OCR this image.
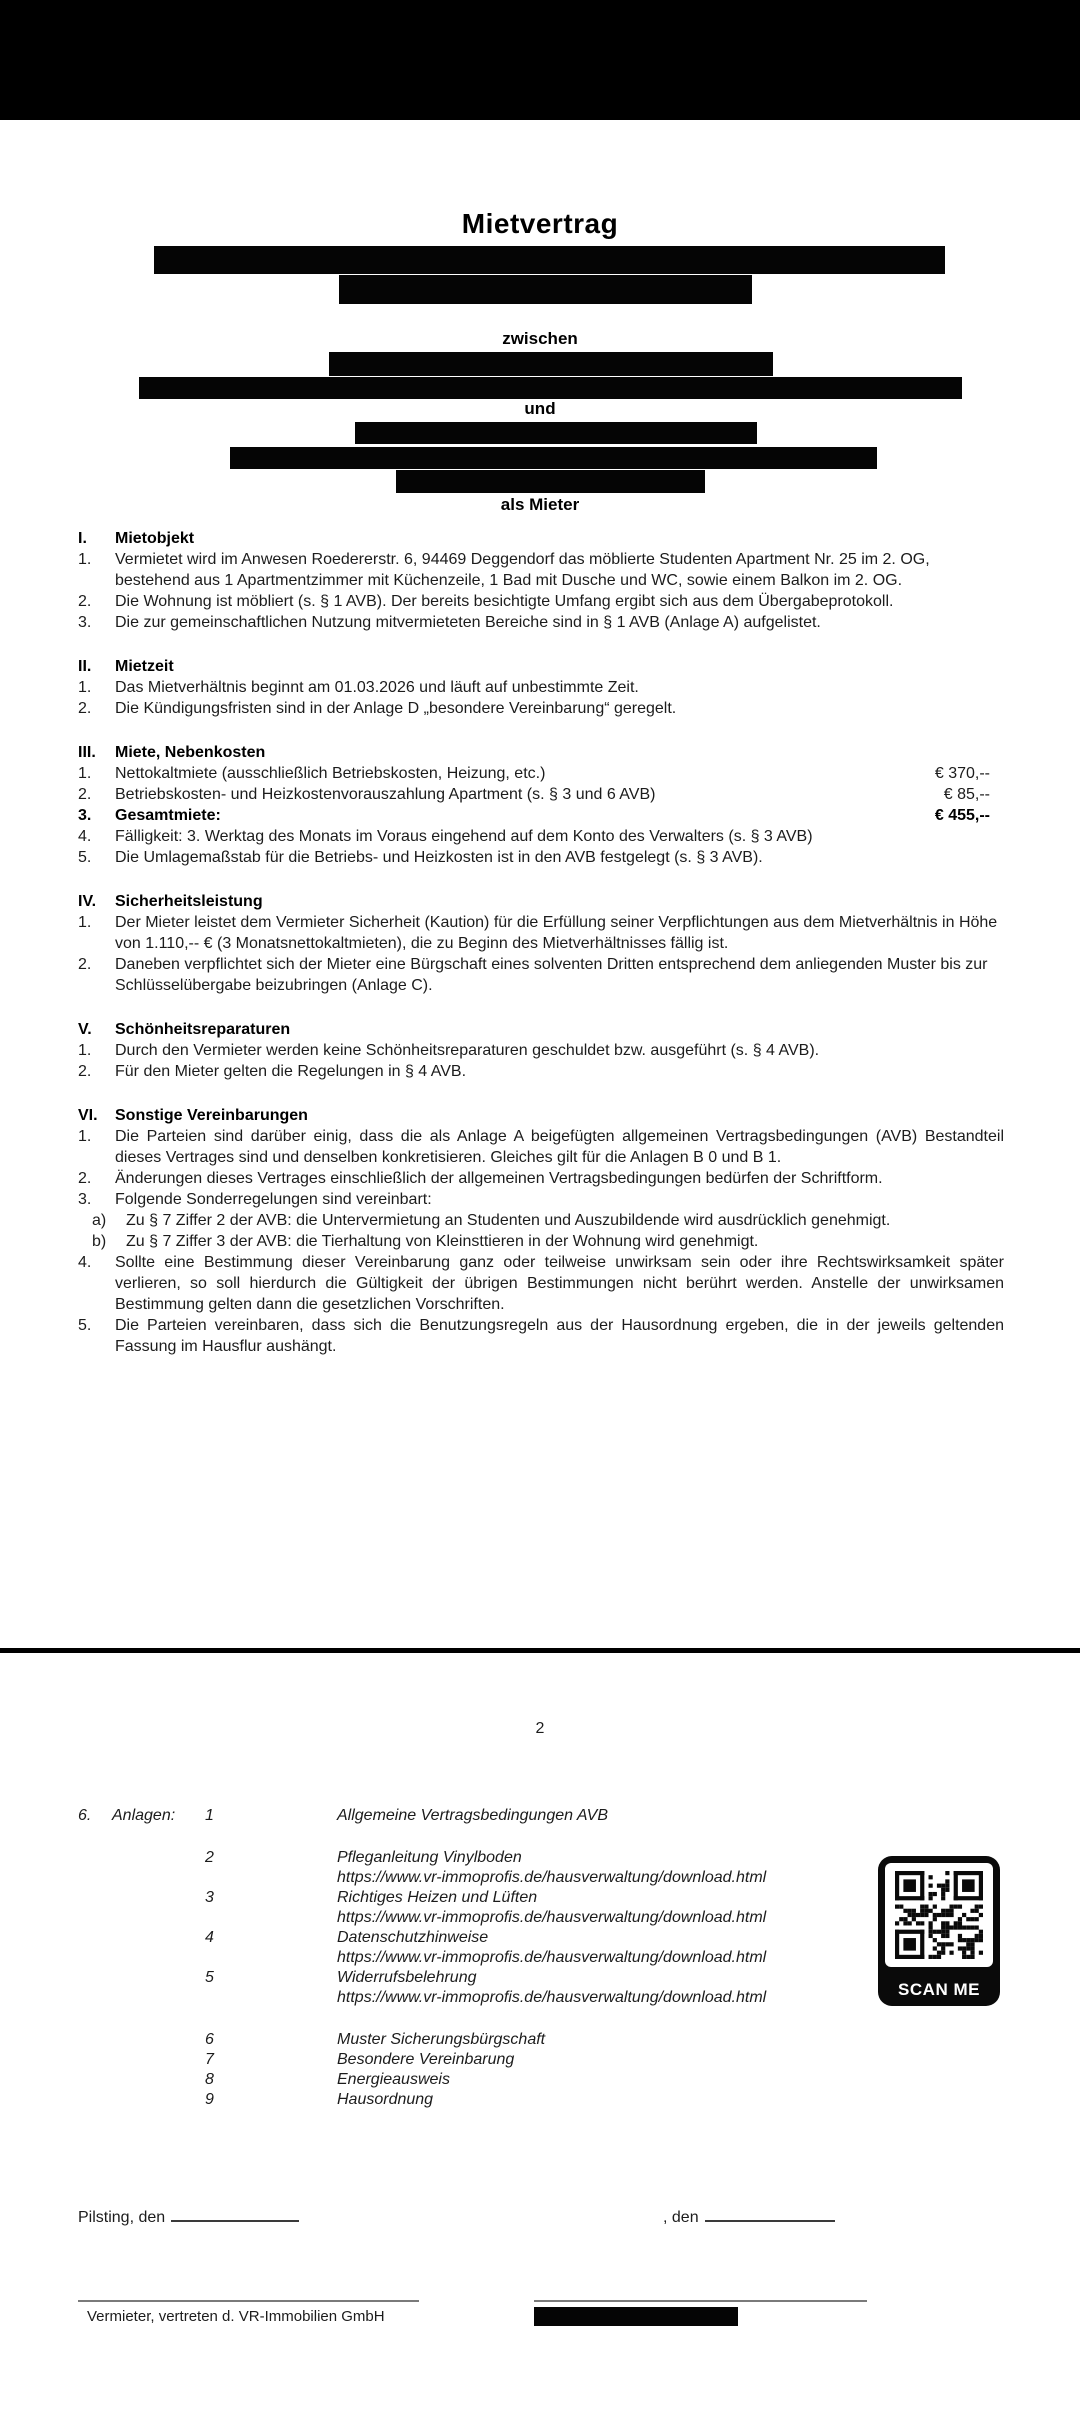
Mietvertrag
zwischen
und
als Mieter
I.	Mietobjekt
1.	Vermietet wird im Anwesen Roedererstr. 6, 94469 Deggendorf das möblierte Studenten Apartment Nr. 25 im 2. OG, bestehend aus 1 Apartmentzimmer mit Küchenzeile, 1 Bad mit Dusche und WC, sowie einem Balkon im 2. OG.
2.	Die Wohnung ist möbliert (s. § 1 AVB). Der bereits besichtigte Umfang ergibt sich aus dem Übergabeprotokoll.
3.	Die zur gemeinschaftlichen Nutzung mitvermieteten Bereiche sind in § 1 AVB (Anlage A) aufgelistet.
II.	Mietzeit
1.	Das Mietverhältnis beginnt am 01.03.2026 und läuft auf unbestimmte Zeit.
2.	Die Kündigungsfristen sind in der Anlage D „besondere Vereinbarung“ geregelt.
III.	Miete, Nebenkosten
1.	Nettokaltmiete (ausschließlich Betriebskosten, Heizung, etc.)	€ 370,--
2.	Betriebskosten- und Heizkostenvorauszahlung Apartment (s. § 3 und 6 AVB)	€ 85,--
3.	Gesamtmiete:	€ 455,--
4.	Fälligkeit: 3. Werktag des Monats im Voraus eingehend auf dem Konto des Verwalters (s. § 3 AVB)
5.	Die Umlagemaßstab für die Betriebs- und Heizkosten ist in den AVB festgelegt (s. § 3 AVB).
IV.	Sicherheitsleistung
1.	Der Mieter leistet dem Vermieter Sicherheit (Kaution) für die Erfüllung seiner Verpflichtungen aus dem Mietverhältnis in Höhe von 1.110,-- € (3 Monatsnettokaltmieten), die zu Beginn des Mietverhältnisses fällig ist.
2.	Daneben verpflichtet sich der Mieter eine Bürgschaft eines solventen Dritten entsprechend dem anliegenden Muster bis zur Schlüsselübergabe beizubringen (Anlage C).
V.	Schönheitsreparaturen
1.	Durch den Vermieter werden keine Schönheitsreparaturen geschuldet bzw. ausgeführt (s. § 4 AVB).
2.	Für den Mieter gelten die Regelungen in § 4 AVB.
VI.	Sonstige Vereinbarungen
1.	Die Parteien sind darüber einig, dass die als Anlage A beigefügten allgemeinen Vertragsbedingungen (AVB) Bestandteil dieses Vertrages sind und denselben konkretisieren. Gleiches gilt für die Anlagen B 0 und B 1.
2.	Änderungen dieses Vertrages einschließlich der allgemeinen Vertragsbedingungen bedürfen der Schriftform.
3.	Folgende Sonderregelungen sind vereinbart:
a)	Zu § 7 Ziffer 2 der AVB: die Untervermietung an Studenten und Auszubildende wird ausdrücklich genehmigt.
b)	Zu § 7 Ziffer 3 der AVB: die Tierhaltung von Kleinsttieren in der Wohnung wird genehmigt.
4.	Sollte eine Bestimmung dieser Vereinbarung ganz oder teilweise unwirksam sein oder ihre Rechtswirksamkeit später verlieren, so soll hierdurch die Gültigkeit der übrigen Bestimmungen nicht berührt werden. Anstelle der unwirksamen Bestimmung gelten dann die gesetzlichen Vorschriften.
5.	Die Parteien vereinbaren, dass sich die Benutzungsregeln aus der Hausordnung ergeben, die in der jeweils geltenden Fassung im Hausflur aushängt.
2
6.	Anlagen:	1	Allgemeine Vertragsbedingungen AVB
2	Pfleganleitung Vinylboden
https://www.vr-immoprofis.de/hausverwaltung/download.html
3	Richtiges Heizen und Lüften
https://www.vr-immoprofis.de/hausverwaltung/download.html
4	Datenschutzhinweise
https://www.vr-immoprofis.de/hausverwaltung/download.html
5	Widerrufsbelehrung
https://www.vr-immoprofis.de/hausverwaltung/download.html
6	Muster Sicherungsbürgschaft
7	Besondere Vereinbarung
8	Energieausweis
9	Hausordnung
SCAN ME
Pilsting, den	, den
Vermieter, vertreten d. VR-Immobilien GmbH
